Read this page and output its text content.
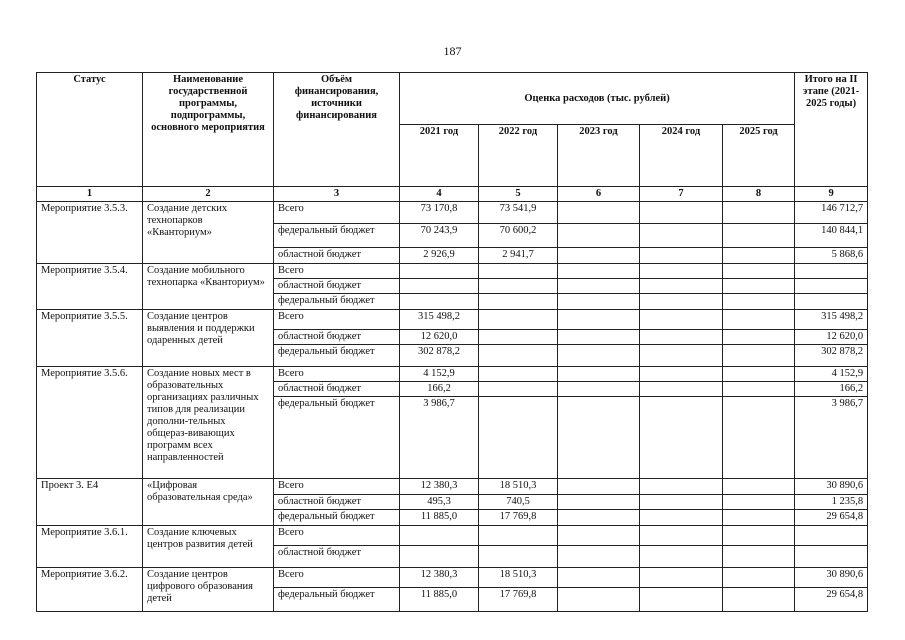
187
Статус	Наименование государственной программы, подпрограммы, основного мероприятия	Объём финансирования, источники финансирования	Оценка расходов (тыс. рублей)					Итого на II этапе (2021-2025 годы)
			2021 год	2022 год	2023 год	2024 год	2025 год	
1	2	3	4	5	6	7	8	9
Мероприятие 3.5.3.	Создание детских технопарков «Кванториум»	Всего	73 170,8	73 541,9				146 712,7
		федеральный бюджет	70 243,9	70 600,2				140 844,1
		областной бюджет	2 926,9	2 941,7				5 868,6
Мероприятие 3.5.4.	Создание мобильного технопарка «Кванториум»	Всего						
		областной бюджет						
		федеральный бюджет						
Мероприятие 3.5.5.	Создание центров выявления и поддержки одаренных детей	Всего	315 498,2					315 498,2
		областной бюджет	12 620,0					12 620,0
		федеральный бюджет	302 878,2					302 878,2
Мероприятие 3.5.6.	Создание новых мест в образовательных организациях различных типов для реализации дополни-тельных общераз-вивающих программ всех направленностей	Всего	4 152,9					4 152,9
		областной бюджет	166,2					166,2
		федеральный бюджет	3 986,7					3 986,7
Проект 3. Е4	«Цифровая образовательная среда»	Всего	12 380,3	18 510,3				30 890,6
		областной бюджет	495,3	740,5				1 235,8
		федеральный бюджет	11 885,0	17 769,8				29 654,8
Мероприятие 3.6.1.	Создание ключевых центров развития детей	Всего						
		областной бюджет						
Мероприятие 3.6.2.	Создание центров цифрового образования детей	Всего	12 380,3	18 510,3				30 890,6
		федеральный бюджет	11 885,0	17 769,8				29 654,8
